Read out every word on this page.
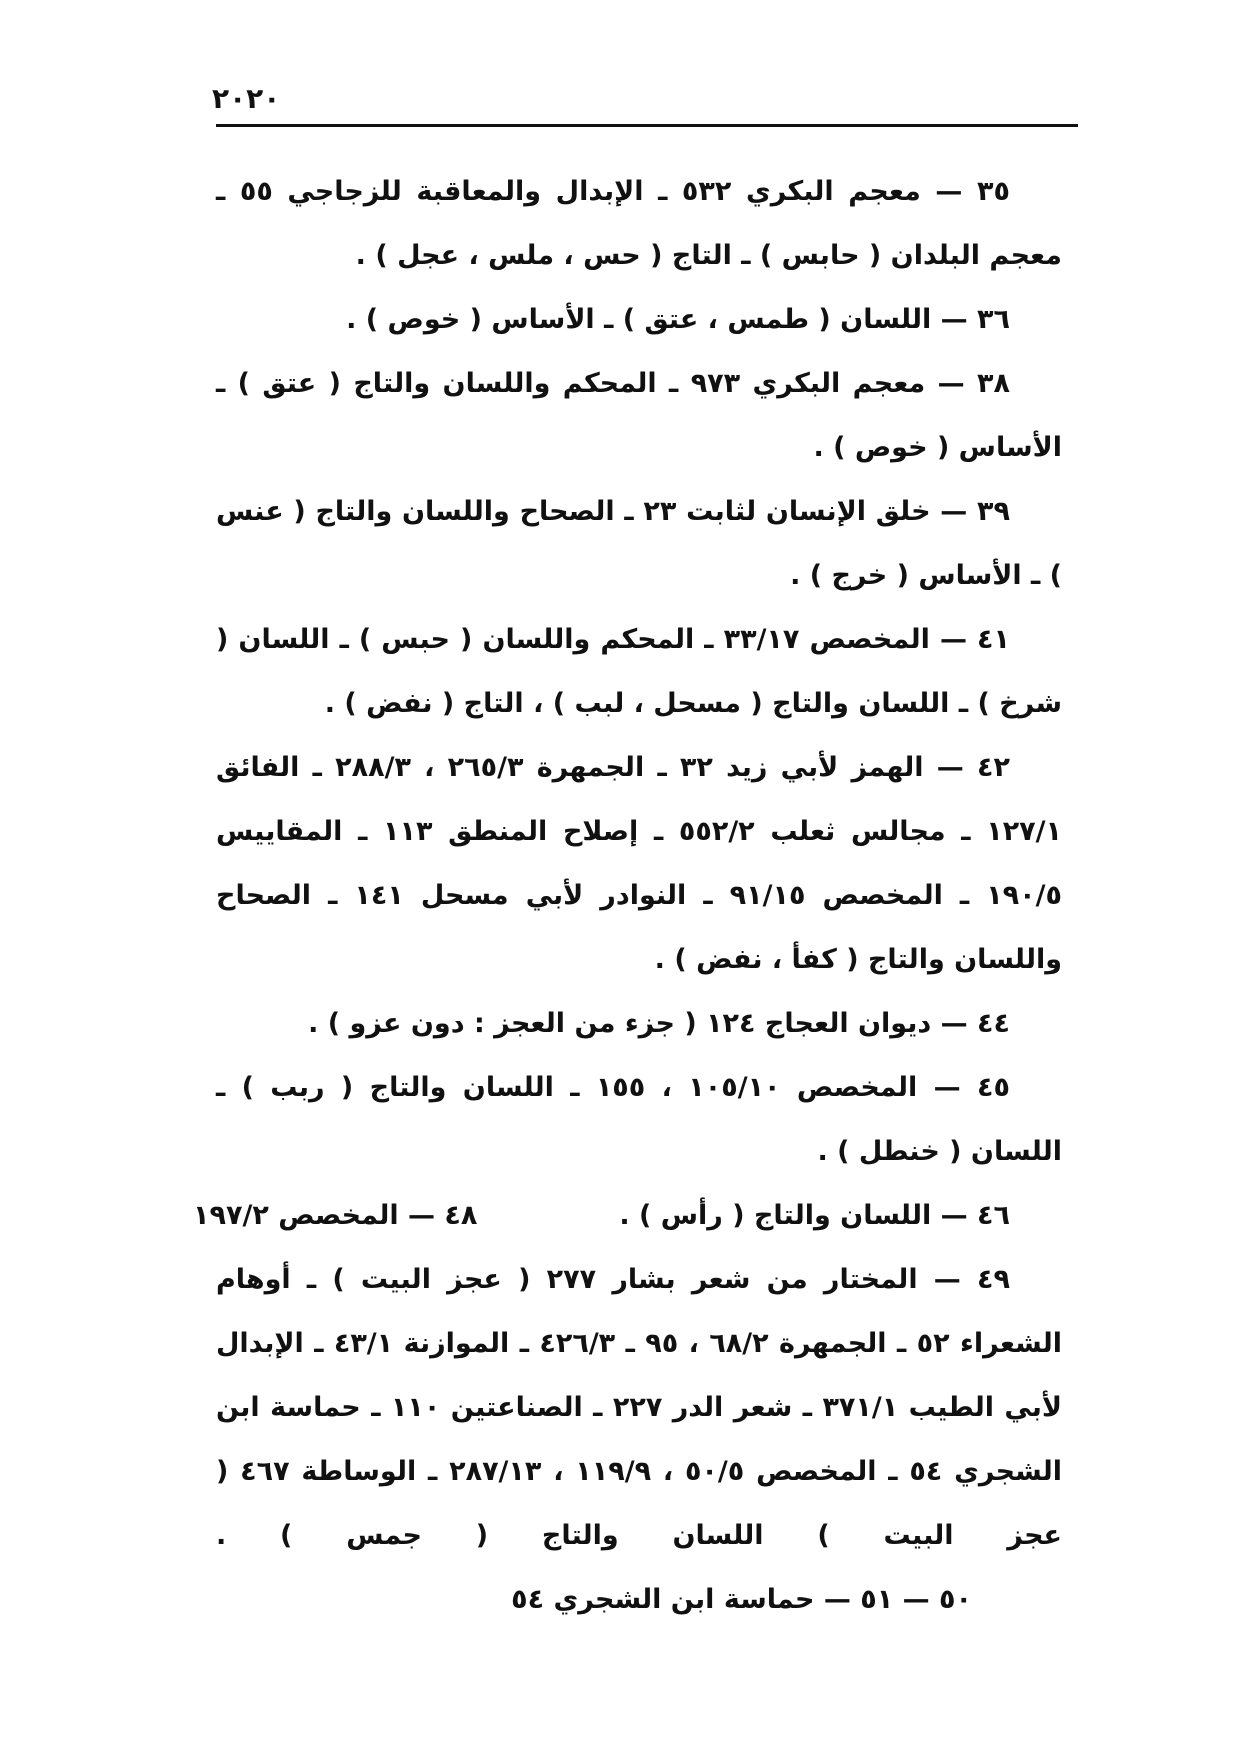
٢٠٢٠

٣٥ — معجم البكري ٥٣٢ ـ الإبدال والمعاقبة للزجاجي ٥٥ ـ معجم البلدان ( حابس ) ـ التاج ( حس ، ملس ، عجل ) .

٣٦ — اللسان ( طمس ، عتق ) ـ الأساس ( خوص ) .

٣٨ — معجم البكري ٩٧٣ ـ المحكم واللسان والتاج ( عتق ) ـ الأساس ( خوص ) .

٣٩ — خلق الإنسان لثابت ٢٣ ـ الصحاح واللسان والتاج ( عنس ) ـ الأساس ( خرج ) .

٤١ — المخصص ٣٣/١٧ ـ المحكم واللسان ( حبس ) ـ اللسان ( شرخ ) ـ اللسان والتاج ( مسحل ، لبب ) ، التاج ( نفض ) .

٤٢ — الهمز لأبي زيد ٣٢ ـ الجمهرة ٢٦٥/٣ ، ٢٨٨/٣ ـ الفائق ١٢٧/١ ـ مجالس ثعلب ٥٥٢/٢ ـ إصلاح المنطق ١١٣ ـ المقاييس ١٩٠/٥ ـ المخصص ٩١/١٥ ـ النوادر لأبي مسحل ١٤١ ـ الصحاح واللسان والتاج ( كفأ ، نفض ) .

٤٤ — ديوان العجاج ١٢٤ ( جزء من العجز : دون عزو ) .

٤٥ — المخصص ١٠٥/١٠ ، ١٥٥ ـ اللسان والتاج ( ربب ) ـ اللسان ( خنطل ) .

٤٦ — اللسان والتاج ( رأس ) .
٤٨ — المخصص ١٩٧/٢

٤٩ — المختار من شعر بشار ٢٧٧ ( عجز البيت ) ـ أوهام الشعراء ٥٢ ـ الجمهرة ٦٨/٢ ، ٩٥ ـ ٤٢٦/٣ ـ الموازنة ٤٣/١ ـ الإبدال لأبي الطيب ٣٧١/١ ـ شعر الدر ٢٢٧ ـ الصناعتين ١١٠ ـ حماسة ابن الشجري ٥٤ ـ المخصص ٥٠/٥ ، ١١٩/٩ ، ٢٨٧/١٣ ـ الوساطة ٤٦٧ ( عجز البيت ) اللسان والتاج ( جمس ) . ٥٠ — ٥١ — حماسة ابن الشجري ٥٤
